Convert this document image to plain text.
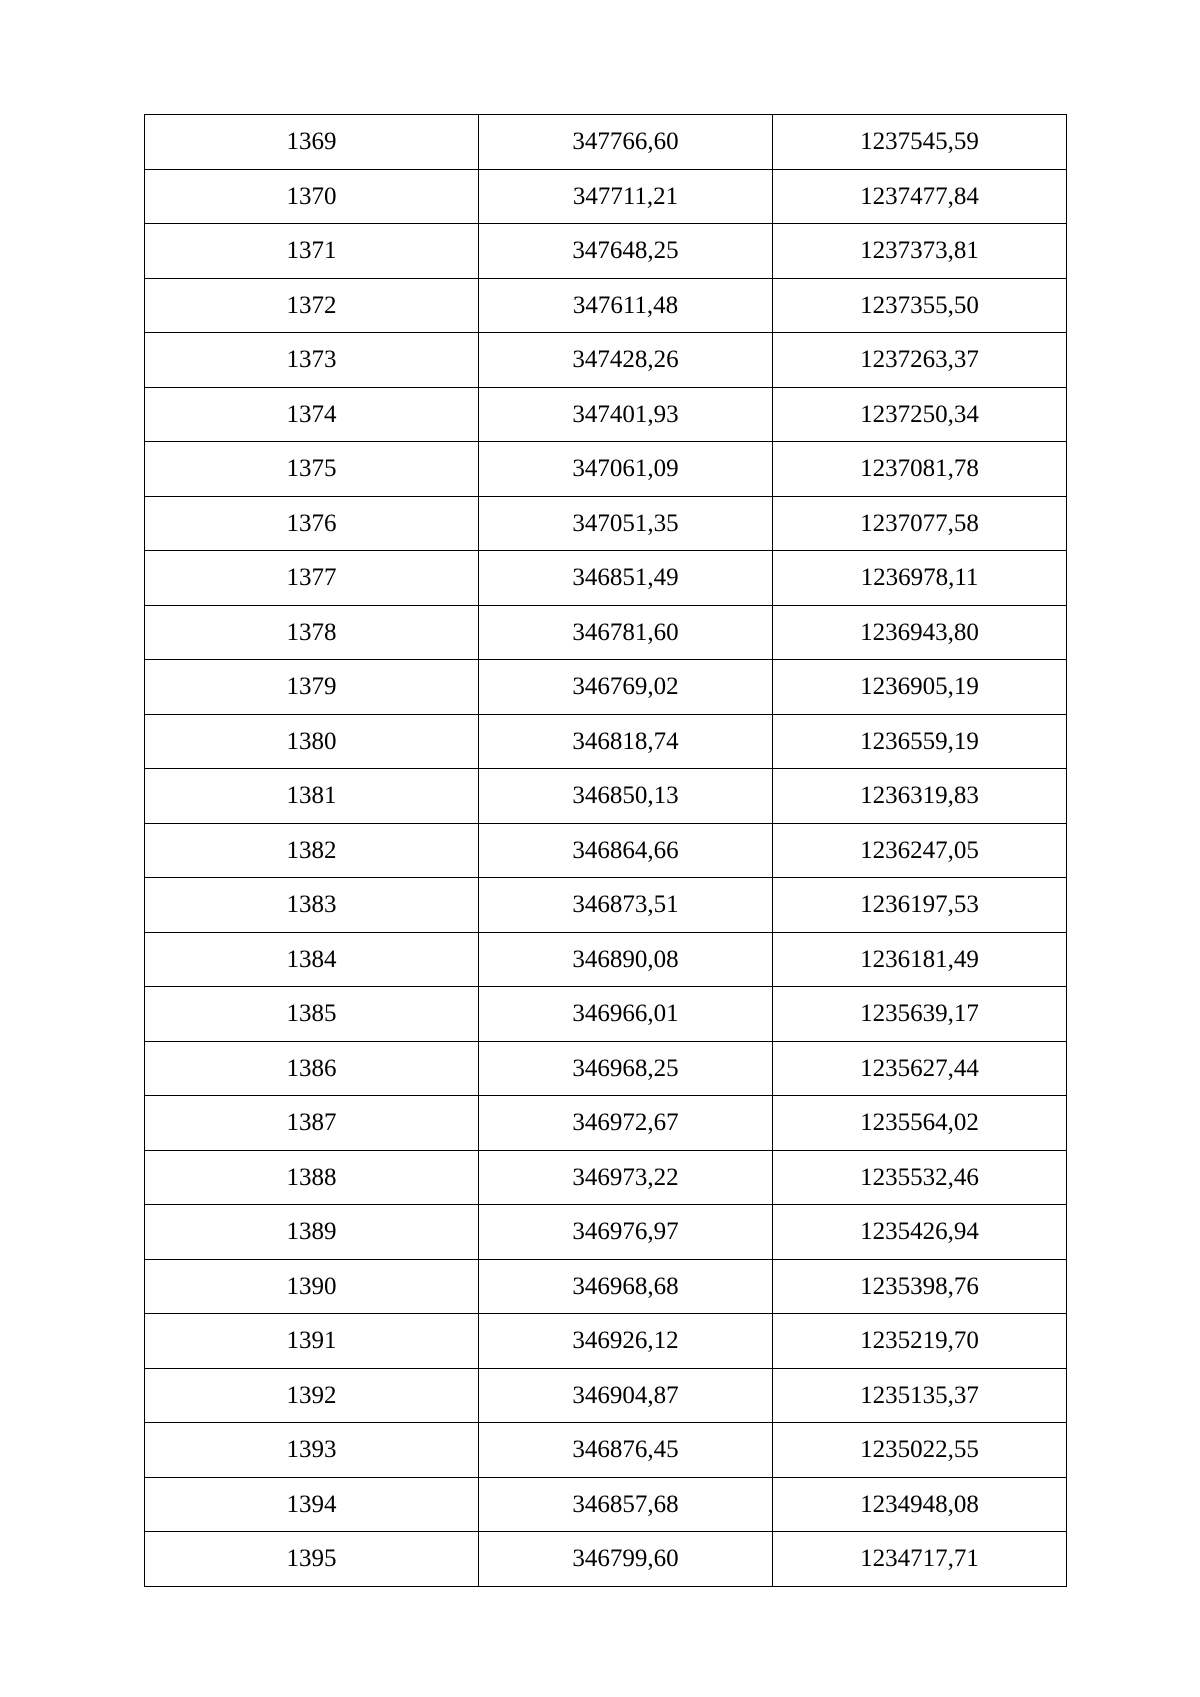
1369	347766,60	1237545,59
1370	347711,21	1237477,84
1371	347648,25	1237373,81
1372	347611,48	1237355,50
1373	347428,26	1237263,37
1374	347401,93	1237250,34
1375	347061,09	1237081,78
1376	347051,35	1237077,58
1377	346851,49	1236978,11
1378	346781,60	1236943,80
1379	346769,02	1236905,19
1380	346818,74	1236559,19
1381	346850,13	1236319,83
1382	346864,66	1236247,05
1383	346873,51	1236197,53
1384	346890,08	1236181,49
1385	346966,01	1235639,17
1386	346968,25	1235627,44
1387	346972,67	1235564,02
1388	346973,22	1235532,46
1389	346976,97	1235426,94
1390	346968,68	1235398,76
1391	346926,12	1235219,70
1392	346904,87	1235135,37
1393	346876,45	1235022,55
1394	346857,68	1234948,08
1395	346799,60	1234717,71
